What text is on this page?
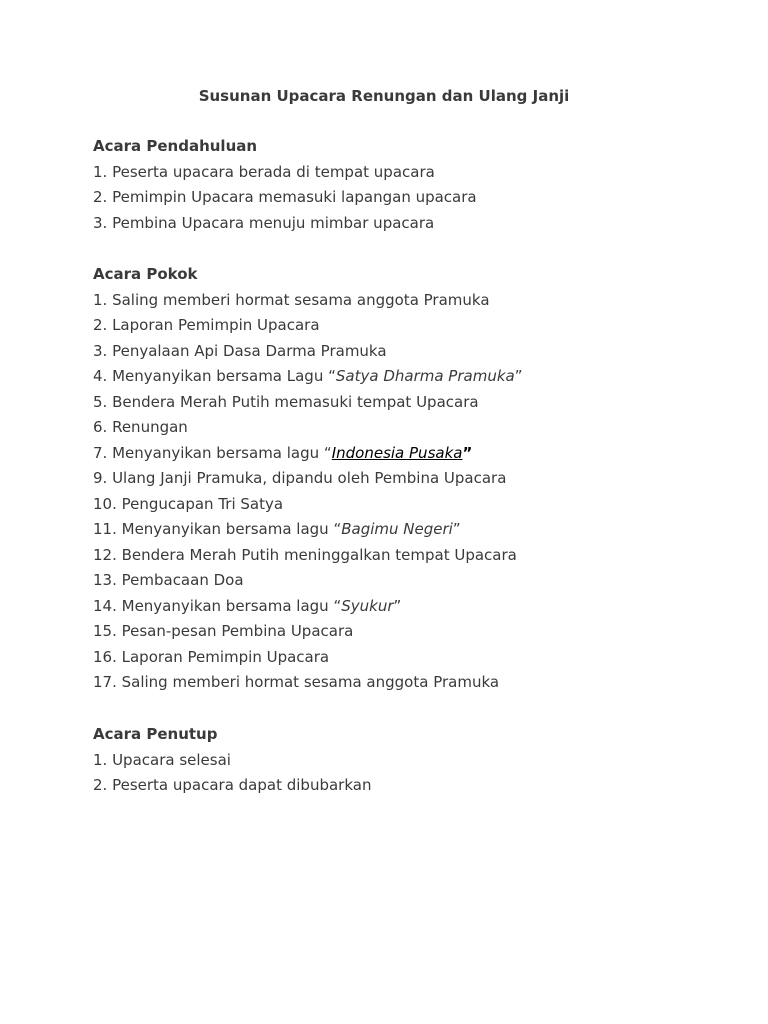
Susunan Upacara Renungan dan Ulang Janji
Acara Pendahuluan
1. Peserta upacara berada di tempat upacara
2. Pemimpin Upacara memasuki lapangan upacara
3. Pembina Upacara menuju mimbar upacara
Acara Pokok
1. Saling memberi hormat sesama anggota Pramuka
2. Laporan Pemimpin Upacara
3. Penyalaan Api Dasa Darma Pramuka
4. Menyanyikan bersama Lagu “Satya Dharma Pramuka”
5. Bendera Merah Putih memasuki tempat Upacara
6. Renungan
7. Menyanyikan bersama lagu “Indonesia Pusaka”
9. Ulang Janji Pramuka, dipandu oleh Pembina Upacara
10. Pengucapan Tri Satya
11. Menyanyikan bersama lagu “Bagimu Negeri”
12. Bendera Merah Putih meninggalkan tempat Upacara
13. Pembacaan Doa
14. Menyanyikan bersama lagu “Syukur”
15. Pesan-pesan Pembina Upacara
16. Laporan Pemimpin Upacara
17. Saling memberi hormat sesama anggota Pramuka
Acara Penutup
1. Upacara selesai
2. Peserta upacara dapat dibubarkan
